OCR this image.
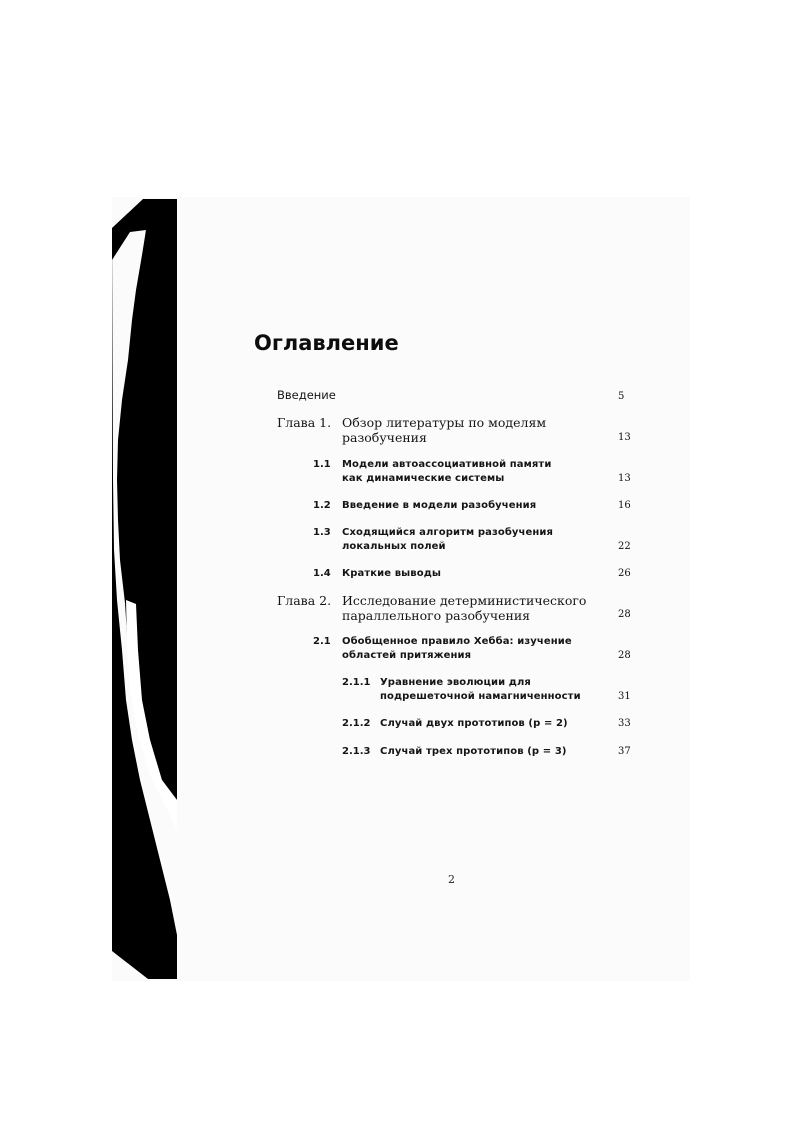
Оглавление
Введение	5
Глава 1. Обзор литературы по моделям
разобучения	13
1.1 Модели автоассоциативной памяти
как динамические системы	13
1.2 Введение в модели разобучения	16
1.3 Сходящийся алгоритм разобучения
локальных полей	22
1.4 Краткие выводы	26
Глава 2. Исследование детерминистического
параллельного разобучения	28
2.1 Обобщенное правило Хебба: изучение
областей притяжения	28
2.1.1 Уравнение эволюции для
подрешеточной намагниченности	31
2.1.2 Случай двух прототипов (p = 2)	33
2.1.3 Случай трех прототипов (p = 3)	37
2
